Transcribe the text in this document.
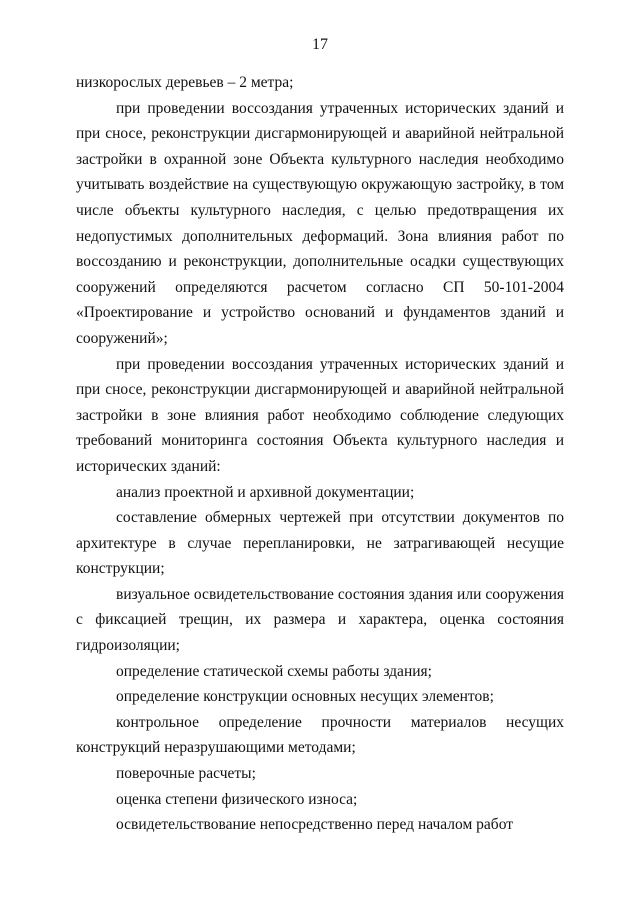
17

низкорослых деревьев – 2 метра;

при проведении воссоздания утраченных исторических зданий и при сносе, реконструкции дисгармонирующей и аварийной нейтральной застройки в охранной зоне Объекта культурного наследия необходимо учитывать воздействие на существующую окружающую застройку, в том числе объекты культурного наследия, с целью предотвращения их недопустимых дополнительных деформаций. Зона влияния работ по воссозданию и реконструкции, дополнительные осадки существующих сооружений определяются расчетом согласно СП 50-101-2004 «Проектирование и устройство оснований и фундаментов зданий и сооружений»;

при проведении воссоздания утраченных исторических зданий и при сносе, реконструкции дисгармонирующей и аварийной нейтральной застройки в зоне влияния работ необходимо соблюдение следующих требований мониторинга состояния Объекта культурного наследия и исторических зданий:

анализ проектной и архивной документации;

составление обмерных чертежей при отсутствии документов по архитектуре в случае перепланировки, не затрагивающей несущие конструкции;

визуальное освидетельствование состояния здания или сооружения с фиксацией трещин, их размера и характера, оценка состояния гидроизоляции;

определение статической схемы работы здания;

определение конструкции основных несущих элементов;

контрольное определение прочности материалов несущих конструкций неразрушающими методами;

поверочные расчеты;

оценка степени физического износа;

освидетельствование непосредственно перед началом работ
